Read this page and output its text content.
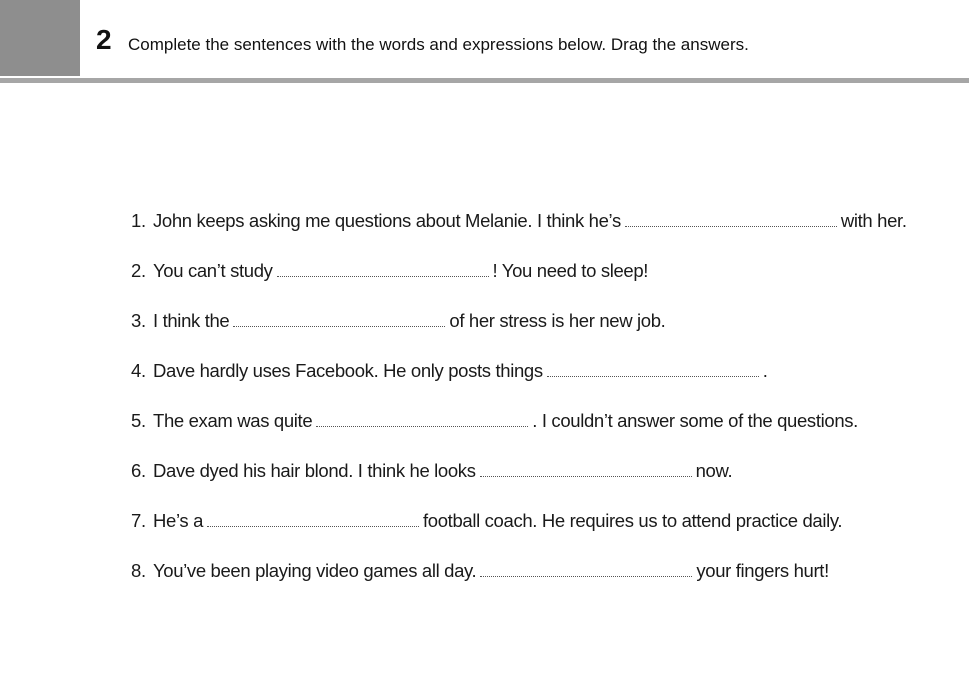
2 Complete the sentences with the words and expressions below. Drag the answers.
1. John keeps asking me questions about Melanie. I think he’s	with her.
2. You can’t study	! You need to sleep!
3. I think the	of her stress is her new job.
4. Dave hardly uses Facebook. He only posts things	.
5. The exam was quite	. I couldn’t answer some of the questions.
6. Dave dyed his hair blond. I think he looks	now.
7. He’s a	football coach. He requires us to attend practice daily.
8. You’ve been playing video games all day.	your fingers hurt!
